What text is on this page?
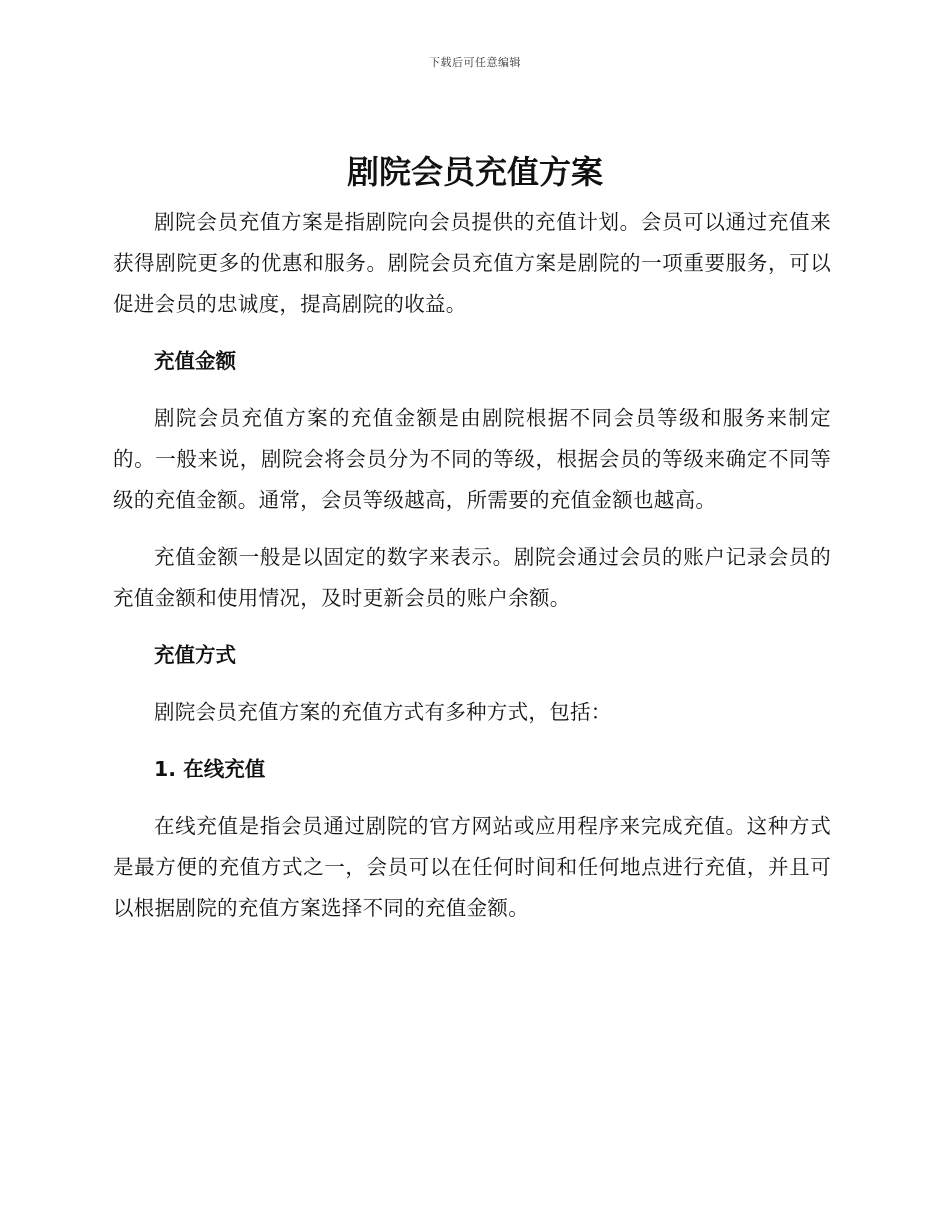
下载后可任意编辑
剧院会员充值方案

剧院会员充值方案是指剧院向会员提供的充值计划。会员可以通过充值来获得剧院更多的优惠和服务。剧院会员充值方案是剧院的一项重要服务，可以促进会员的忠诚度，提高剧院的收益。

充值金额

剧院会员充值方案的充值金额是由剧院根据不同会员等级和服务来制定的。一般来说，剧院会将会员分为不同的等级，根据会员的等级来确定不同等级的充值金额。通常，会员等级越高，所需要的充值金额也越高。

充值金额一般是以固定的数字来表示。剧院会通过会员的账户记录会员的充值金额和使用情况，及时更新会员的账户余额。

充值方式

剧院会员充值方案的充值方式有多种方式，包括：

1. 在线充值

在线充值是指会员通过剧院的官方网站或应用程序来完成充值。这种方式是最方便的充值方式之一，会员可以在任何时间和任何地点进行充值，并且可以根据剧院的充值方案选择不同的充值金额。
